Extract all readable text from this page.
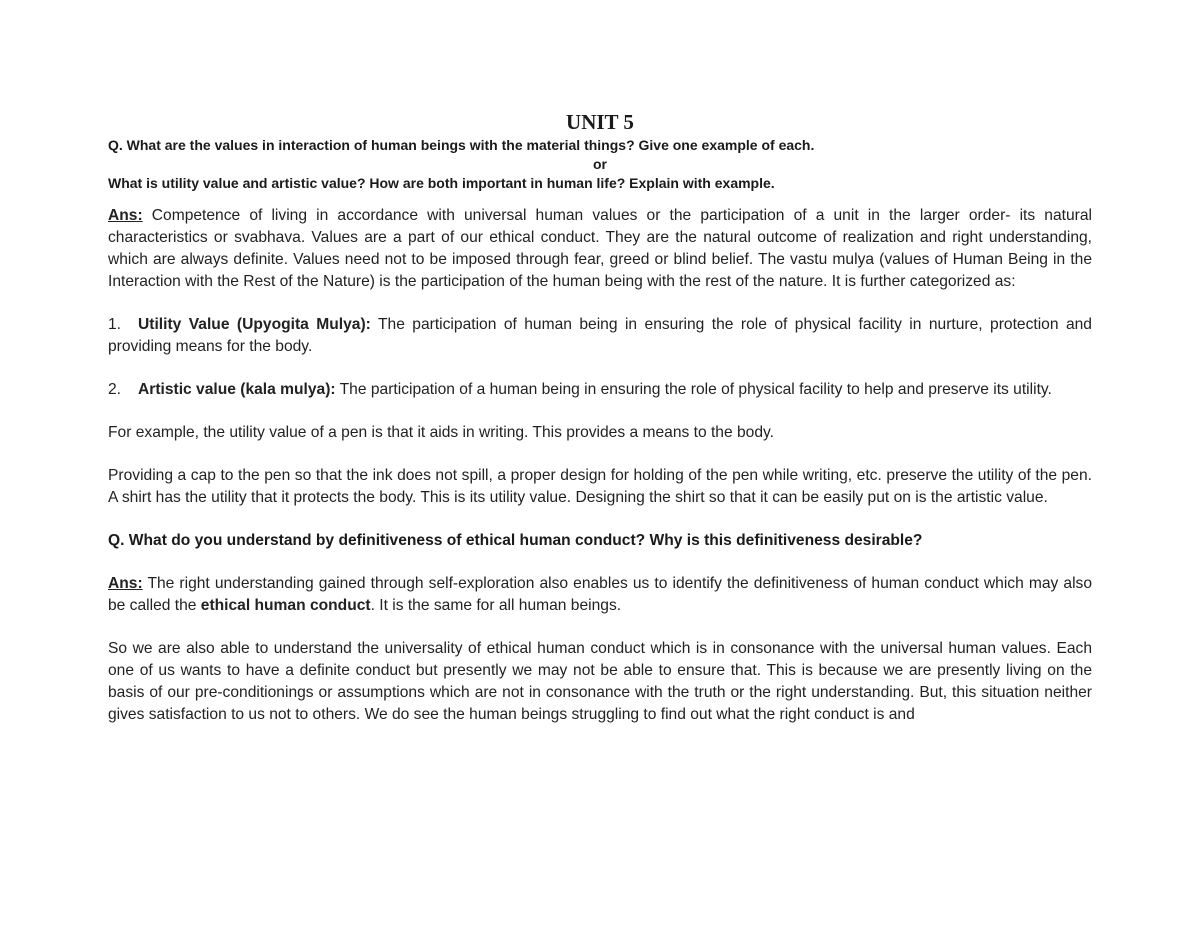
UNIT 5

Q. What are the values in interaction of human beings with the material things? Give one example of each.

or

What is utility value and artistic value? How are both important in human life? Explain with example.

Ans: Competence of living in accordance with universal human values or the participation of a unit in the larger order- its natural characteristics or svabhava. Values are a part of our ethical conduct. They are the natural outcome of realization and right understanding, which are always definite. Values need not to be imposed through fear, greed or blind belief. The vastu mulya (values of Human Being in the Interaction with the Rest of the Nature) is the participation of the human being with the rest of the nature. It is further categorized as:

1. Utility Value (Upyogita Mulya): The participation of human being in ensuring the role of physical facility in nurture, protection and providing means for the body.

2. Artistic value (kala mulya): The participation of a human being in ensuring the role of physical facility to help and preserve its utility.

For example, the utility value of a pen is that it aids in writing. This provides a means to the body.

Providing a cap to the pen so that the ink does not spill, a proper design for holding of the pen while writing, etc. preserve the utility of the pen. A shirt has the utility that it protects the body. This is its utility value. Designing the shirt so that it can be easily put on is the artistic value.

Q. What do you understand by definitiveness of ethical human conduct? Why is this definitiveness desirable?

Ans: The right understanding gained through self-exploration also enables us to identify the definitiveness of human conduct which may also be called the ethical human conduct. It is the same for all human beings.

So we are also able to understand the universality of ethical human conduct which is in consonance with the universal human values. Each one of us wants to have a definite conduct but presently we may not be able to ensure that. This is because we are presently living on the basis of our pre-conditionings or assumptions which are not in consonance with the truth or the right understanding. But, this situation neither gives satisfaction to us not to others. We do see the human beings struggling to find out what the right conduct is and
